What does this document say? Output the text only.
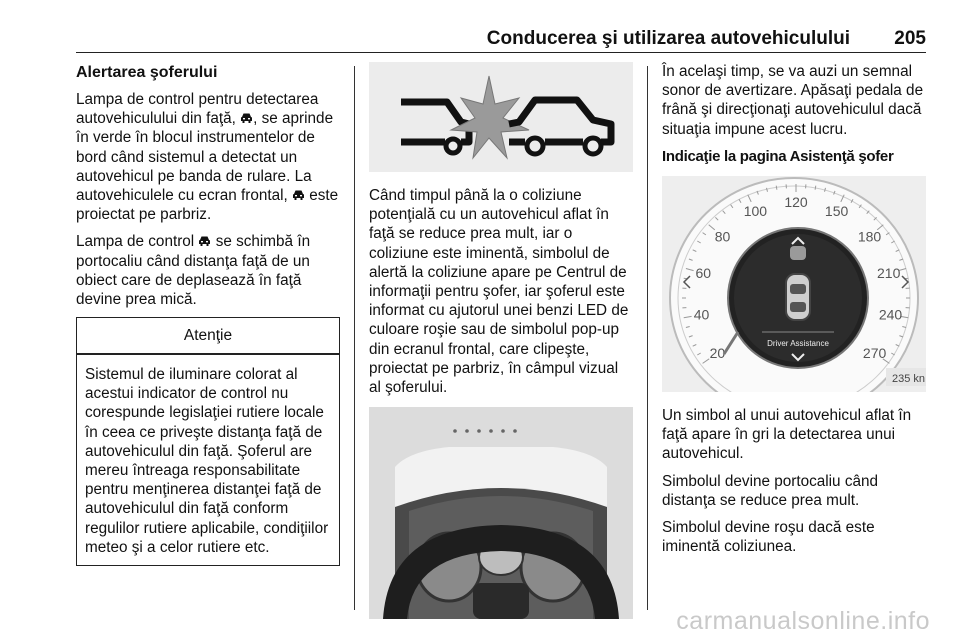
Conducerea şi utilizarea autovehiculului 205
Alertarea şoferului

Lampa de control pentru detectarea autovehiculului din faţă, , se aprinde în verde în blocul instrumentelor de bord când sistemul a detectat un autovehicul pe banda de rulare. La autovehiculele cu ecran frontal, este proiectat pe parbriz.

Lampa de control se schimbă în portocaliu când distanţa faţă de un obiect care de deplasează în faţă devine prea mică.

Atenţie
Sistemul de iluminare colorat al acestui indicator de control nu corespunde legislaţiei rutiere locale în ceea ce priveşte distanţa faţă de autovehiculul din faţă. Şoferul are mereu întreaga responsabilitate pentru menţinerea distanţei faţă de autovehiculul din faţă conform regulilor rutiere aplicabile, condiţiilor meteo şi a celor rutiere etc.

Când timpul până la o coliziune potenţială cu un autovehicul aflat în faţă se reduce prea mult, iar o coliziune este iminentă, simbolul de alertă la coliziune apare pe Centrul de informaţii pentru şofer, iar şoferul este informat cu ajutorul unei benzi LED de culoare roşie sau de simbolul pop-up din ecranul frontal, care clipeşte, proiectat pe parbriz, în câmpul vizual al şoferului.

În acelaşi timp, se va auzi un semnal sonor de avertizare. Apăsaţi pedala de frână şi direcţionaţi autovehiculul dacă situaţia impune acest lucru.

Indicaţie la pagina Asistenţă şofer
20
40
60
80
100
120
150
180
210
240
270
Driver Assistance
235 kn

Un simbol al unui autovehicul aflat în faţă apare în gri la detectarea unui autovehicul.

Simbolul devine portocaliu când distanţa se reduce prea mult.

Simbolul devine roşu dacă este iminentă coliziunea.

carmanualsonline.info
